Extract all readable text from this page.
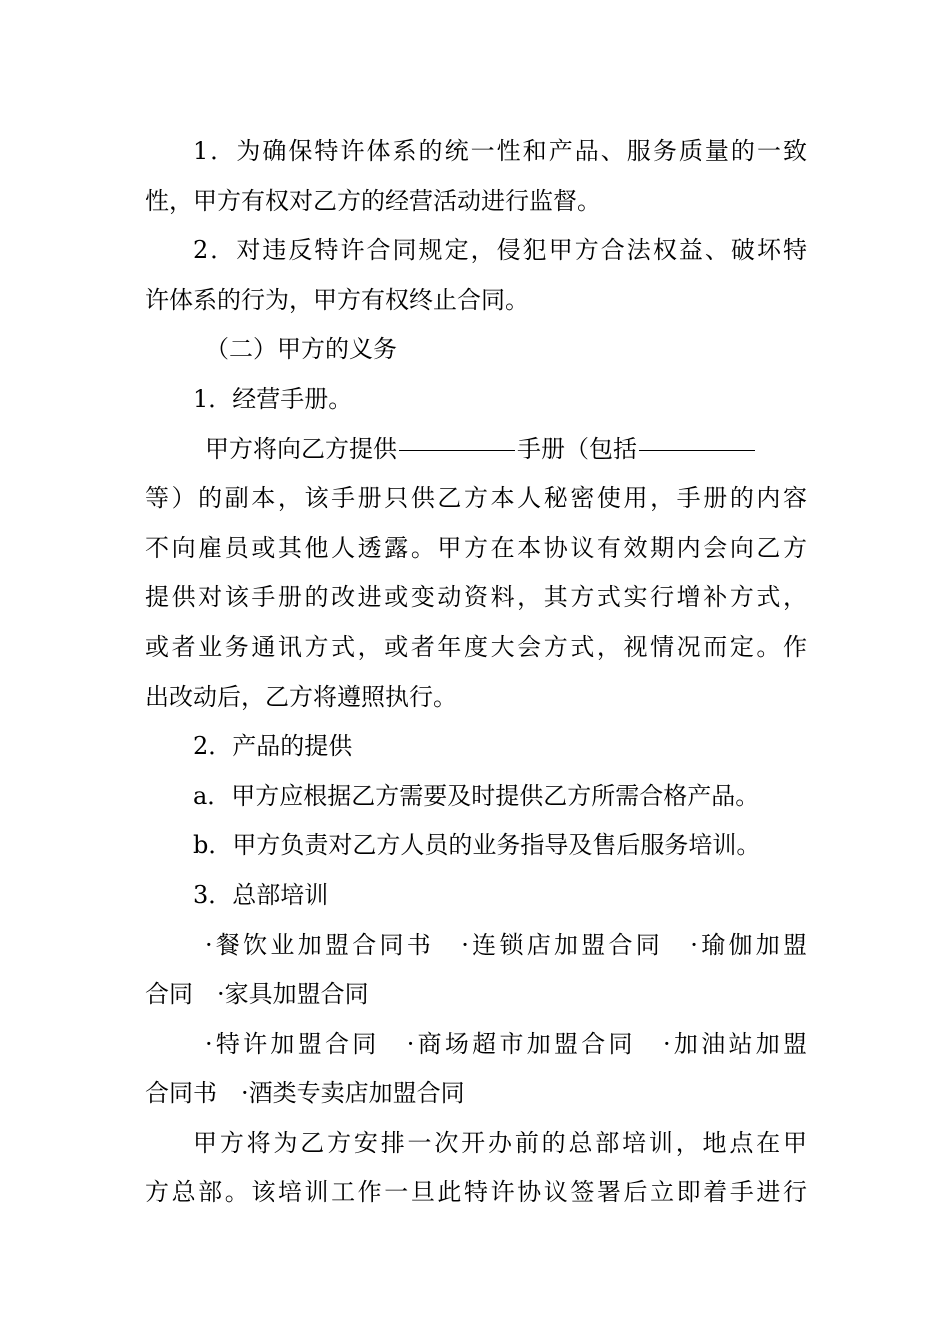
1．为确保特许体系的统一性和产品、服务质量的一致
性，甲方有权对乙方的经营活动进行监督。
2．对违反特许合同规定，侵犯甲方合法权益、破坏特
许体系的行为，甲方有权终止合同。
（二）甲方的义务
1．经营手册。
甲方将向乙方提供	手册（包括
等）的副本，该手册只供乙方本人秘密使用，手册的内容
不向雇员或其他人透露。甲方在本协议有效期内会向乙方
提供对该手册的改进或变动资料，其方式实行增补方式，
或者业务通讯方式，或者年度大会方式，视情况而定。作
出改动后，乙方将遵照执行。
2．产品的提供
a．甲方应根据乙方需要及时提供乙方所需合格产品。
b．甲方负责对乙方人员的业务指导及售后服务培训。
3．总部培训
·餐饮业加盟合同书　·连锁店加盟合同　·瑜伽加盟
合同　·家具加盟合同
·特许加盟合同　·商场超市加盟合同　·加油站加盟
合同书　·酒类专卖店加盟合同
甲方将为乙方安排一次开办前的总部培训，地点在甲
方总部。该培训工作一旦此特许协议签署后立即着手进行
